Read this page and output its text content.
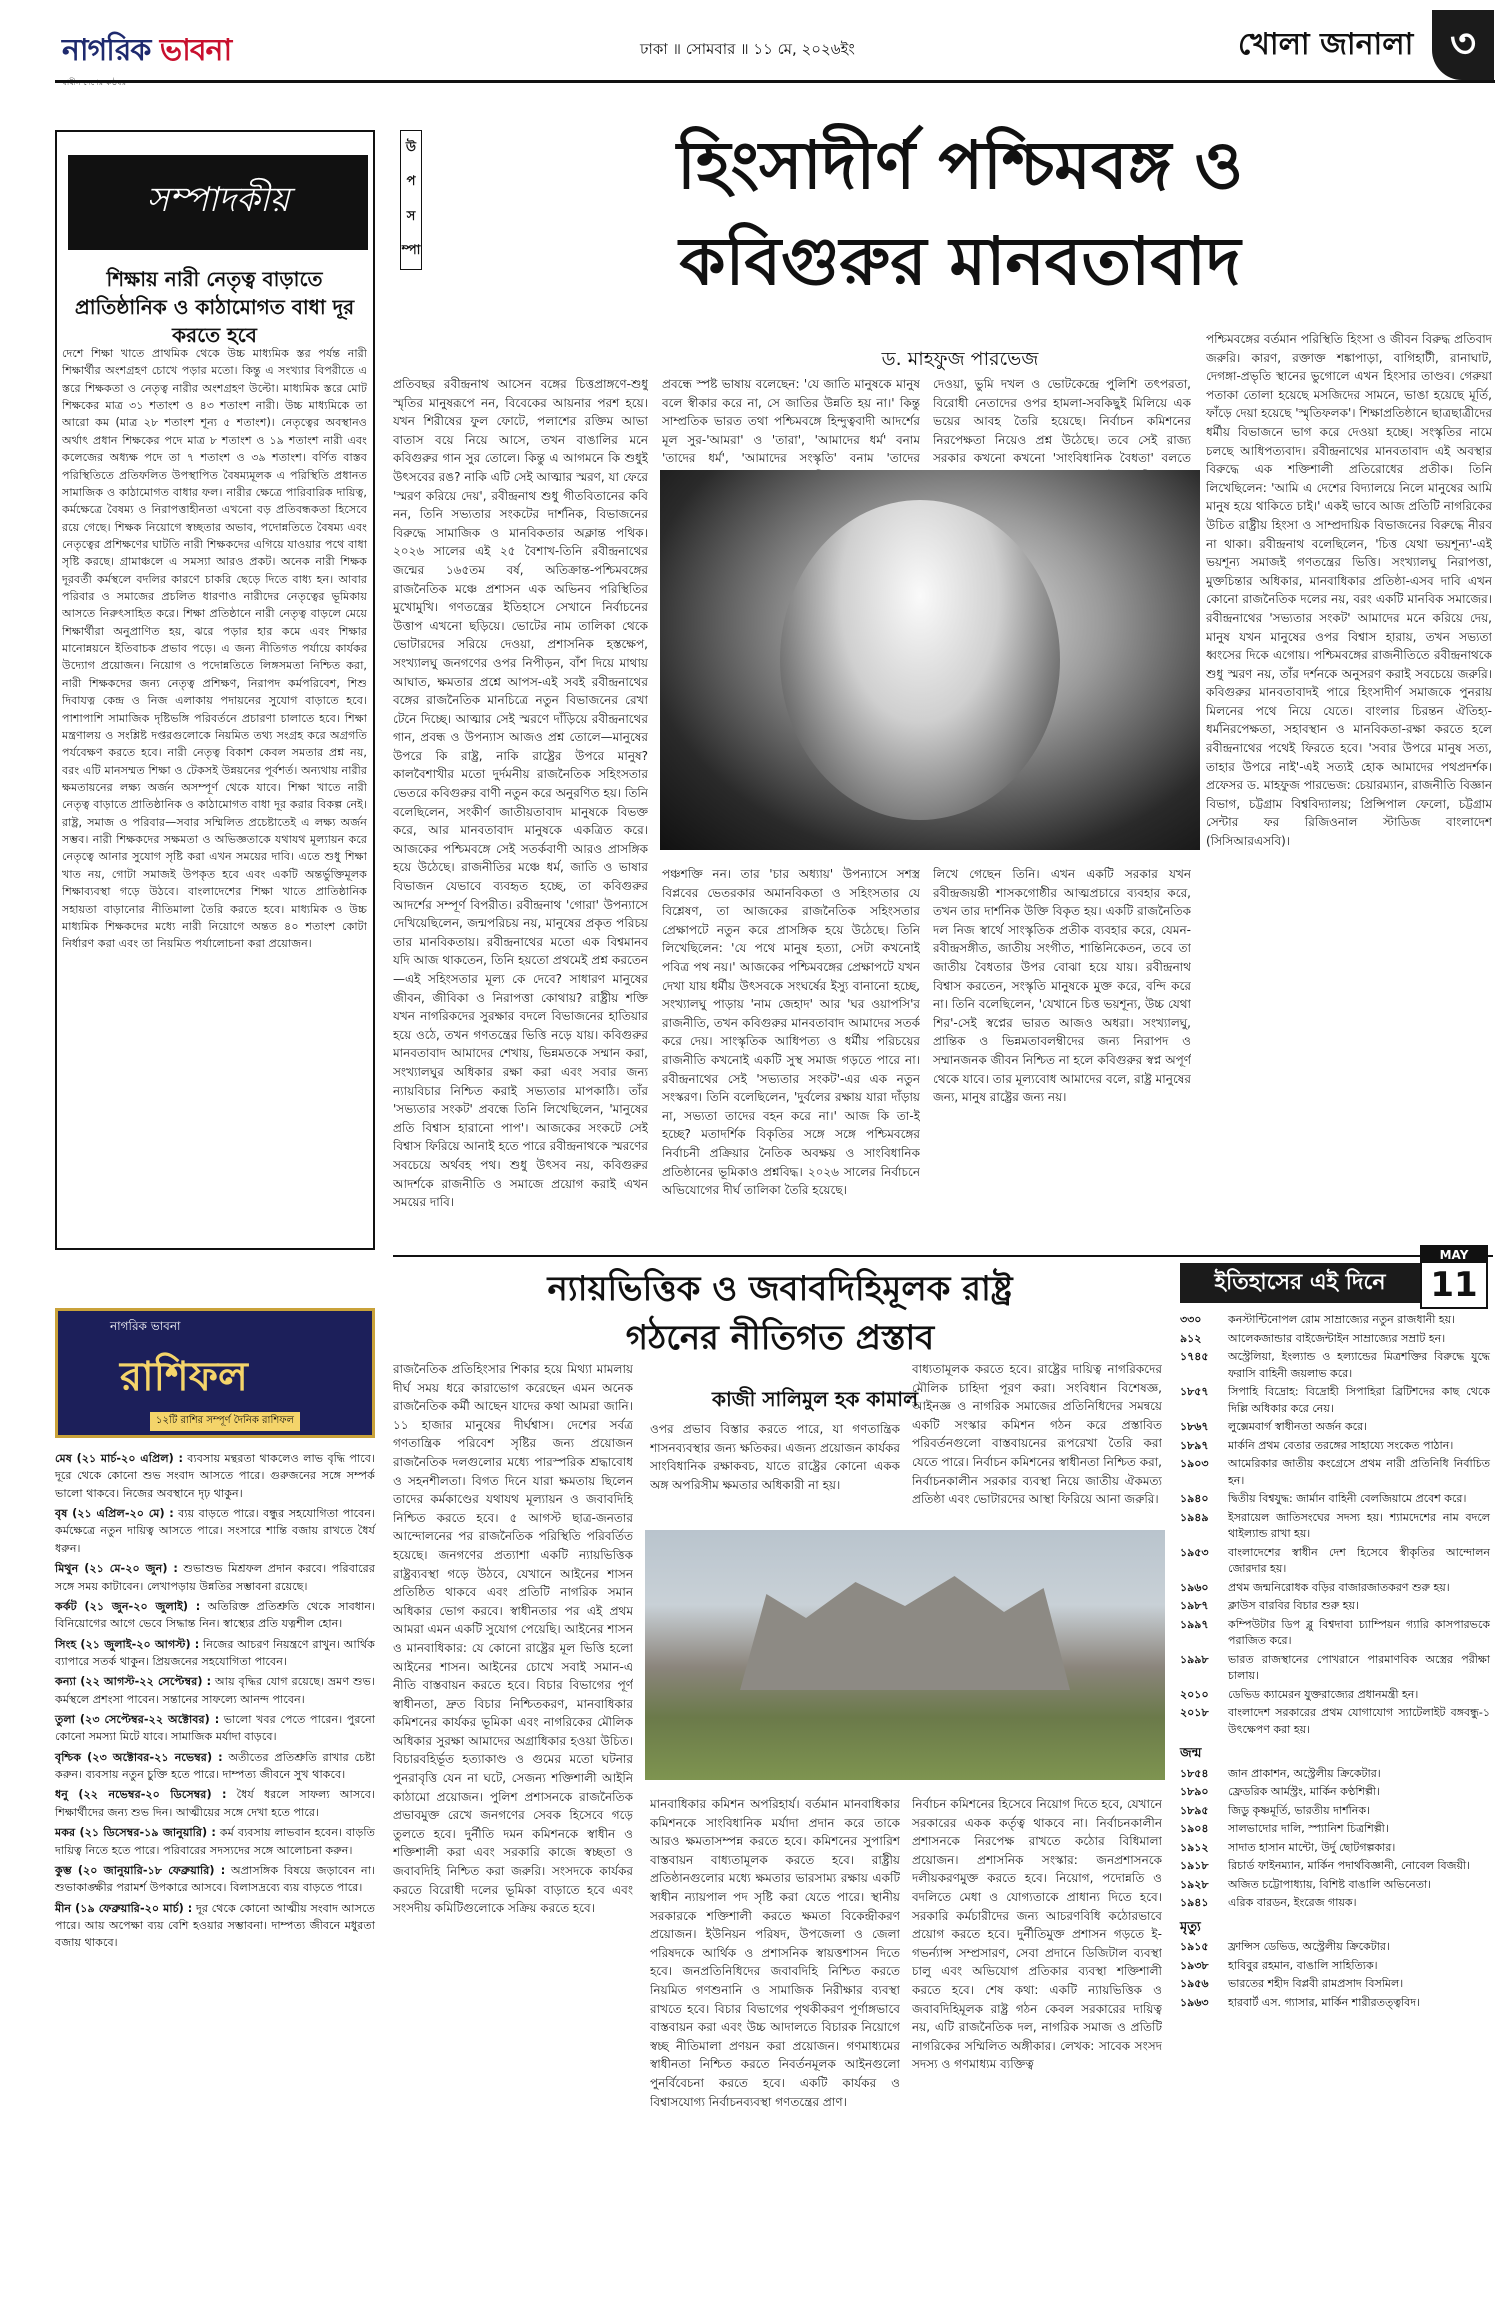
নাগরিক ভাবনা	ঢাকা ॥ সোমবার ॥ ১১ মে, ২০২৬ইং	খোলা জানালা ৩
সম্পাদকীয়
শিক্ষায় নারী নেতৃত্ব বাড়াতে প্রাতিষ্ঠানিক ও কাঠামোগত বাধা দূর করতে হবে
দেশে শিক্ষা খাতে প্রাথমিক থেকে উচ্চ মাধ্যমিক স্তর পর্যন্ত নারী শিক্ষার্থীর অংশগ্রহণ চোখে পড়ার মতো। কিন্তু এ সংখ্যার বিপরীতে এ স্তরে শিক্ষকতা ও নেতৃত্ব নারীর অংশগ্রহণ উল্টো। মাধ্যমিক স্তরে মোট শিক্ষকের মাত্র ৩১ শতাংশ ও ৪৩ শতাংশ নারী। উচ্চ মাধ্যমিকে তা আরো কম (মাত্র ২৮ শতাংশ শূন্য ৫ শতাংশ)। নেতৃত্বের অবস্থানও অর্থাৎ প্রধান শিক্ষকের পদে মাত্র ৮ শতাংশ ও ১৯ শতাংশ নারী এবং কলেজের অধ্যক্ষ পদে তা ৭ শতাংশ ও ৩৯ শতাংশ। বর্ণিত বাস্তব পরিস্থিতিতে প্রতিফলিত উপস্থাপিত বৈষম্যমূলক এ পরিস্থিতি প্রধানত সামাজিক ও কাঠামোগত বাধার ফল। নারীর ক্ষেত্রে পারিবারিক দায়িত্ব, কর্মক্ষেত্রে বৈষম্য ও নিরাপত্তাহীনতা এখনো বড় প্রতিবন্ধকতা হিসেবে রয়ে গেছে। শিক্ষক নিয়োগে স্বচ্ছতার অভাব, পদোন্নতিতে বৈষম্য এবং নেতৃত্বের প্রশিক্ষণের ঘাটতি নারী শিক্ষকদের এগিয়ে যাওয়ার পথে বাধা সৃষ্টি করছে। গ্রামাঞ্চলে এ সমস্যা আরও প্রকট। অনেক নারী শিক্ষক দূরবর্তী কর্মস্থলে বদলির কারণে চাকরি ছেড়ে দিতে বাধ্য হন। আবার পরিবার ও সমাজের প্রচলিত ধারণাও নারীদের নেতৃত্বের ভূমিকায় আসতে নিরুৎসাহিত করে। শিক্ষা প্রতিষ্ঠানে নারী নেতৃত্ব বাড়লে মেয়ে শিক্ষার্থীরা অনুপ্রাণিত হয়, ঝরে পড়ার হার কমে এবং শিক্ষার মানোন্নয়নে ইতিবাচক প্রভাব পড়ে। এ জন্য নীতিগত পর্যায়ে কার্যকর উদ্যোগ প্রয়োজন। নিয়োগ ও পদোন্নতিতে লিঙ্গসমতা নিশ্চিত করা, নারী শিক্ষকদের জন্য নেতৃত্ব প্রশিক্ষণ, নিরাপদ কর্মপরিবেশ, শিশু দিবাযত্ন কেন্দ্র ও নিজ এলাকায় পদায়নের সুযোগ বাড়াতে হবে। পাশাপাশি সামাজিক দৃষ্টিভঙ্গি পরিবর্তনে প্রচারণা চালাতে হবে। শিক্ষা মন্ত্রণালয় ও সংশ্লিষ্ট দপ্তরগুলোকে নিয়মিত তথ্য সংগ্রহ করে অগ্রগতি পর্যবেক্ষণ করতে হবে। নারী নেতৃত্ব বিকাশ কেবল সমতার প্রশ্ন নয়, বরং এটি মানসম্মত শিক্ষা ও টেকসই উন্নয়নের পূর্বশর্ত। অন্যথায় নারীর ক্ষমতায়নের লক্ষ্য অর্জন অসম্পূর্ণ থেকে যাবে। শিক্ষা খাতে নারী নেতৃত্ব বাড়াতে প্রাতিষ্ঠানিক ও কাঠামোগত বাধা দূর করার বিকল্প নেই। রাষ্ট্র, সমাজ ও পরিবার—সবার সম্মিলিত প্রচেষ্টাতেই এ লক্ষ্য অর্জন সম্ভব। নারী শিক্ষকদের সক্ষমতা ও অভিজ্ঞতাকে যথাযথ মূল্যায়ন করে নেতৃত্বে আনার সুযোগ সৃষ্টি করা এখন সময়ের দাবি। এতে শুধু শিক্ষা খাত নয়, গোটা সমাজই উপকৃত হবে এবং একটি অন্তর্ভুক্তিমূলক শিক্ষাব্যবস্থা গড়ে উঠবে। বাংলাদেশের শিক্ষা খাতে প্রাতিষ্ঠানিক সহায়তা বাড়ানোর নীতিমালা তৈরি করতে হবে। মাধ্যমিক ও উচ্চ মাধ্যমিক শিক্ষকদের মধ্যে নারী নিয়োগে অন্তত ৪০ শতাংশ কোটা নির্ধারণ করা এবং তা নিয়মিত পর্যালোচনা করা প্রয়োজন।
উ
প
স
ম্পা
হিংসাদীর্ণ পশ্চিমবঙ্গ ও
কবিগুরুর মানবতাবাদ
ড. মাহফুজ পারভেজ
প্রতিবছর রবীন্দ্রনাথ আসেন বঙ্গের চিত্তপ্রাঙ্গণে-শুধু স্মৃতির মানুষরূপে নন, বিবেকের আয়নার পরশ হয়ে। যখন শিরীষের ফুল ফোটে, পলাশের রক্তিম আভা বাতাস বয়ে নিয়ে আসে, তখন বাঙালির মনে কবিগুরুর গান সুর তোলে। কিন্তু এ আগমনে কি শুধুই উৎসবের রঙ? নাকি এটি সেই আত্মার স্মরণ, যা ফেরে 'স্মরণ করিয়ে দেয়', রবীন্দ্রনাথ শুধু গীতবিতানের কবি নন, তিনি সভ্যতার সংকটের দার্শনিক, বিভাজনের বিরুদ্ধে সামাজিক ও মানবিকতার অক্লান্ত পথিক। ২০২৬ সালের এই ২৫ বৈশাখ-তিনি রবীন্দ্রনাথের জন্মের ১৬৫তম বর্ষ, অতিক্রান্ত-পশ্চিমবঙ্গের রাজনৈতিক মঞ্চে প্রশাসন এক অভিনব পরিস্থিতির মুখোমুখি। গণতন্ত্রের ইতিহাসে সেখানে নির্বাচনের উত্তাপ এখনো ছড়িয়ে। ভোটের নাম তালিকা থেকে ভোটারদের সরিয়ে দেওয়া, প্রশাসনিক হস্তক্ষেপ, সংখ্যালঘু জনগণের ওপর নিপীড়ন, বাঁশ দিয়ে মাথায় আঘাত, ক্ষমতার প্রশ্নে আপস-এই সবই রবীন্দ্রনাথের বঙ্গের রাজনৈতিক মানচিত্রে নতুন বিভাজনের রেখা টেনে দিচ্ছে। আত্মার সেই স্মরণে দাঁড়িয়ে রবীন্দ্রনাথের গান, প্রবন্ধ ও উপন্যাস আজও প্রশ্ন তোলে—মানুষের উপরে কি রাষ্ট্র, নাকি রাষ্ট্রের উপরে মানুষ? কালবৈশাখীর মতো দুর্দমনীয় রাজনৈতিক সহিংসতার ভেতরে কবিগুরুর বাণী নতুন করে অনুরণিত হয়। তিনি বলেছিলেন, সংকীর্ণ জাতীয়তাবাদ মানুষকে বিভক্ত করে, আর মানবতাবাদ মানুষকে একত্রিত করে। আজকের পশ্চিমবঙ্গে সেই সতর্কবাণী আরও প্রাসঙ্গিক হয়ে উঠেছে। রাজনীতির মঞ্চে ধর্ম, জাতি ও ভাষার বিভাজন যেভাবে ব্যবহৃত হচ্ছে, তা কবিগুরুর আদর্শের সম্পূর্ণ বিপরীত। রবীন্দ্রনাথ 'গোরা' উপন্যাসে দেখিয়েছিলেন, জন্মপরিচয় নয়, মানুষের প্রকৃত পরিচয় তার মানবিকতায়। রবীন্দ্রনাথের মতো এক বিশ্বমানব যদি আজ থাকতেন, তিনি হয়তো প্রথমেই প্রশ্ন করতেন—এই সহিংসতার মূল্য কে দেবে? সাধারণ মানুষের জীবন, জীবিকা ও নিরাপত্তা কোথায়? রাষ্ট্রীয় শক্তি যখন নাগরিকদের সুরক্ষার বদলে বিভাজনের হাতিয়ার হয়ে ওঠে, তখন গণতন্ত্রের ভিত্তি নড়ে যায়। কবিগুরুর মানবতাবাদ আমাদের শেখায়, ভিন্নমতকে সম্মান করা, সংখ্যালঘুর অধিকার রক্ষা করা এবং সবার জন্য ন্যায়বিচার নিশ্চিত করাই সভ্যতার মাপকাঠি। তাঁর 'সভ্যতার সংকট' প্রবন্ধে তিনি লিখেছিলেন, 'মানুষের প্রতি বিশ্বাস হারানো পাপ'। আজকের সংকটে সেই বিশ্বাস ফিরিয়ে আনাই হতে পারে রবীন্দ্রনাথকে স্মরণের সবচেয়ে অর্থবহ পথ। শুধু উৎসব নয়, কবিগুরুর আদর্শকে রাজনীতি ও সমাজে প্রয়োগ করাই এখন সময়ের দাবি।
প্রবন্ধে স্পষ্ট ভাষায় বলেছেন: 'যে জাতি মানুষকে মানুষ বলে স্বীকার করে না, সে জাতির উন্নতি হয় না।' কিন্তু সাম্প্রতিক ভারত তথা পশ্চিমবঙ্গে হিন্দুত্ববাদী আদর্শের মূল সুর-'আমরা' ও 'তারা', 'আমাদের ধর্ম' বনাম 'তাদের ধর্ম', 'আমাদের সংস্কৃতি' বনাম 'তাদের
দেওয়া, ভুমি দখল ও ভোটকেন্দ্রে পুলিশি তৎপরতা, বিরোধী নেতাদের ওপর হামলা-সবকিছুই মিলিয়ে এক ভয়ের আবহ তৈরি হয়েছে। নির্বাচন কমিশনের নিরপেক্ষতা নিয়েও প্রশ্ন উঠেছে। তবে সেই রাজ্য সরকার কখনো কখনো 'সাংবিধানিক বৈধতা' বলতে
পঞ্চশক্তি নন। তার 'চার অধ্যায়' উপন্যাসে সশস্ত্র বিপ্লবের ভেতরকার অমানবিকতা ও সহিংসতার যে বিশ্লেষণ, তা আজকের রাজনৈতিক সহিংসতার প্রেক্ষাপটে নতুন করে প্রাসঙ্গিক হয়ে উঠেছে। তিনি লিখেছিলেন: 'যে পথে মানুষ হত্যা, সেটা কখনোই পবিত্র পথ নয়।' আজকের পশ্চিমবঙ্গের প্রেক্ষাপটে যখন দেখা যায় ধর্মীয় উৎসবকে সংঘর্ষের ইস্যু বানানো হচ্ছে, সংখ্যালঘু পাড়ায় 'নাম জেহাদ' আর 'ঘর ওয়াপসি'র রাজনীতি, তখন কবিগুরুর মানবতাবাদ আমাদের সতর্ক করে দেয়। সাংস্কৃতিক আধিপত্য ও ধর্মীয় পরিচয়ের রাজনীতি কখনোই একটি সুস্থ সমাজ গড়তে পারে না। রবীন্দ্রনাথের সেই 'সভ্যতার সংকট'-এর এক নতুন সংস্করণ। তিনি বলেছিলেন, 'দুর্বলের রক্ষায় যারা দাঁড়ায় না, সভ্যতা তাদের বহন করে না।' আজ কি তা-ই হচ্ছে? মতাদর্শিক বিকৃতির সঙ্গে সঙ্গে পশ্চিমবঙ্গের নির্বাচনী প্রক্রিয়ার নৈতিক অবক্ষয় ও সাংবিধানিক প্রতিষ্ঠানের ভূমিকাও প্রশ্নবিদ্ধ। ২০২৬ সালের নির্বাচনে অভিযোগের দীর্ঘ তালিকা তৈরি হয়েছে।
লিখে গেছেন তিনি। এখন একটি সরকার যখন রবীন্দ্রজয়ন্তী শাসকগোষ্ঠীর আত্মপ্রচারে ব্যবহার করে, তখন তার দার্শনিক উক্তি বিকৃত হয়। একটি রাজনৈতিক দল নিজ স্বার্থে সাংস্কৃতিক প্রতীক ব্যবহার করে, যেমন-রবীন্দ্রসঙ্গীত, জাতীয় সংগীত, শান্তিনিকেতন, তবে তা জাতীয় বৈধতার উপর বোঝা হয়ে যায়। রবীন্দ্রনাথ বিশ্বাস করতেন, সংস্কৃতি মানুষকে মুক্ত করে, বন্দি করে না। তিনি বলেছিলেন, 'যেখানে চিত্ত ভয়শূন্য, উচ্চ যেথা শির'-সেই স্বপ্নের ভারত আজও অধরা। সংখ্যালঘু, প্রান্তিক ও ভিন্নমতাবলম্বীদের জন্য নিরাপদ ও সম্মানজনক জীবন নিশ্চিত না হলে কবিগুরুর স্বপ্ন অপূর্ণ থেকে যাবে। তার মূল্যবোধ আমাদের বলে, রাষ্ট্র মানুষের জন্য, মানুষ রাষ্ট্রের জন্য নয়।
পশ্চিমবঙ্গের বর্তমান পরিস্থিতি হিংসা ও জীবন বিরুদ্ধ প্রতিবাদ জরুরি। কারণ, রক্তাক্ত শঙ্কাপাড়া, বাগিহাটী, রানাঘাট, দেগঙ্গা-প্রভৃতি স্থানের ভুগোলে এখন হিংসার তাণ্ডব। গেরুয়া পতাকা তোলা হয়েছে মসজিদের সামনে, ভাঙা হয়েছে মূর্তি, ফাঁড়ে দেয়া হয়েছে 'স্মৃতিফলক'। শিক্ষাপ্রতিষ্ঠানে ছাত্রছাত্রীদের ধর্মীয় বিভাজনে ভাগ করে দেওয়া হচ্ছে। সংস্কৃতির নামে চলছে আধিপত্যবাদ। রবীন্দ্রনাথের মানবতাবাদ এই অবস্থার বিরুদ্ধে এক শক্তিশালী প্রতিরোধের প্রতীক। তিনি লিখেছিলেন: 'আমি এ দেশের বিদ্যালয়ে নিলে মানুষের আমি মানুষ হয়ে থাকিতে চাই।' একই ভাবে আজ প্রতিটি নাগরিকের উচিত রাষ্ট্রীয় হিংসা ও সাম্প্রদায়িক বিভাজনের বিরুদ্ধে নীরব না থাকা। রবীন্দ্রনাথ বলেছিলেন, 'চিত্ত যেথা ভয়শূন্য'-এই ভয়শূন্য সমাজই গণতন্ত্রের ভিত্তি। সংখ্যালঘু নিরাপত্তা, মুক্তচিন্তার অধিকার, মানবাধিকার প্রতিষ্ঠা-এসব দাবি এখন কোনো রাজনৈতিক দলের নয়, বরং একটি মানবিক সমাজের। রবীন্দ্রনাথের 'সভ্যতার সংকট' আমাদের মনে করিয়ে দেয়, মানুষ যখন মানুষের ওপর বিশ্বাস হারায়, তখন সভ্যতা ধ্বংসের দিকে এগোয়। পশ্চিমবঙ্গের রাজনীতিতে রবীন্দ্রনাথকে শুধু স্মরণ নয়, তাঁর দর্শনকে অনুসরণ করাই সবচেয়ে জরুরি। কবিগুরুর মানবতাবাদই পারে হিংসাদীর্ণ সমাজকে পুনরায় মিলনের পথে নিয়ে যেতে। বাংলার চিরন্তন ঐতিহ্য-ধর্মনিরপেক্ষতা, সহাবস্থান ও মানবিকতা-রক্ষা করতে হলে রবীন্দ্রনাথের পথেই ফিরতে হবে। 'সবার উপরে মানুষ সত্য, তাহার উপরে নাই'-এই সত্যই হোক আমাদের পথপ্রদর্শক। প্রফেসর ড. মাহফুজ পারভেজ: চেয়ারম্যান, রাজনীতি বিজ্ঞান বিভাগ, চট্টগ্রাম বিশ্ববিদ্যালয়; প্রিন্সিপাল ফেলো, চট্টগ্রাম সেন্টার ফর রিজিওনাল স্টাডিজ বাংলাদেশ (সিসিআরএসবি)।
ন্যায়ভিত্তিক ও জবাবদিহিমূলক রাষ্ট্র
গঠনের নীতিগত প্রস্তাব
কাজী সালিমুল হক কামাল
রাজনৈতিক প্রতিহিংসার শিকার হয়ে মিথ্যা মামলায় দীর্ঘ সময় ধরে কারাভোগ করেছেন এমন অনেক রাজনৈতিক কর্মী আছেন যাদের কথা আমরা জানি। ১১ হাজার মানুষের দীর্ঘশ্বাস। দেশের সর্বত্র গণতান্ত্রিক পরিবেশ সৃষ্টির জন্য প্রয়োজন রাজনৈতিক দলগুলোর মধ্যে পারস্পরিক শ্রদ্ধাবোধ ও সহনশীলতা। বিগত দিনে যারা ক্ষমতায় ছিলেন তাদের কর্মকাণ্ডের যথাযথ মূল্যায়ন ও জবাবদিহি নিশ্চিত করতে হবে। ৫ আগস্ট ছাত্র-জনতার আন্দোলনের পর রাজনৈতিক পরিস্থিতি পরিবর্তিত হয়েছে। জনগণের প্রত্যাশা একটি ন্যায়ভিত্তিক রাষ্ট্রব্যবস্থা গড়ে উঠবে, যেখানে আইনের শাসন প্রতিষ্ঠিত থাকবে এবং প্রতিটি নাগরিক সমান অধিকার ভোগ করবে। স্বাধীনতার পর এই প্রথম আমরা এমন একটি সুযোগ পেয়েছি। আইনের শাসন ও মানবাধিকার: যে কোনো রাষ্ট্রের মূল ভিত্তি হলো আইনের শাসন। আইনের চোখে সবাই সমান-এ নীতি বাস্তবায়ন করতে হবে। বিচার বিভাগের পূর্ণ স্বাধীনতা, দ্রুত বিচার নিশ্চিতকরণ, মানবাধিকার কমিশনের কার্যকর ভূমিকা এবং নাগরিকের মৌলিক অধিকার সুরক্ষা আমাদের অগ্রাধিকার হওয়া উচিত। বিচারবহির্ভূত হত্যাকাণ্ড ও গুমের মতো ঘটনার পুনরাবৃত্তি যেন না ঘটে, সেজন্য শক্তিশালী আইনি কাঠামো প্রয়োজন। পুলিশ প্রশাসনকে রাজনৈতিক প্রভাবমুক্ত রেখে জনগণের সেবক হিসেবে গড়ে তুলতে হবে। দুর্নীতি দমন কমিশনকে স্বাধীন ও শক্তিশালী করা এবং সরকারি কাজে স্বচ্ছতা ও জবাবদিহি নিশ্চিত করা জরুরি। সংসদকে কার্যকর করতে বিরোধী দলের ভূমিকা বাড়াতে হবে এবং সংসদীয় কমিটিগুলোকে সক্রিয় করতে হবে।
ওপর প্রভাব বিস্তার করতে পারে, যা গণতান্ত্রিক শাসনব্যবস্থার জন্য ক্ষতিকর। এজন্য প্রয়োজন কার্যকর সাংবিধানিক রক্ষাকবচ, যাতে রাষ্ট্রের কোনো একক অঙ্গ অপরিসীম ক্ষমতার অধিকারী না হয়।
বাধ্যতামূলক করতে হবে। রাষ্ট্রের দায়িত্ব নাগরিকদের মৌলিক চাহিদা পূরণ করা। সংবিধান বিশেষজ্ঞ, আইনজ্ঞ ও নাগরিক সমাজের প্রতিনিধিদের সমন্বয়ে একটি সংস্কার কমিশন গঠন করে প্রস্তাবিত পরিবর্তনগুলো বাস্তবায়নের রূপরেখা তৈরি করা যেতে পারে। নির্বাচন কমিশনের স্বাধীনতা নিশ্চিত করা, নির্বাচনকালীন সরকার ব্যবস্থা নিয়ে জাতীয় ঐকমত্য প্রতিষ্ঠা এবং ভোটারদের আস্থা ফিরিয়ে আনা জরুরি।
মানবাধিকার কমিশন অপরিহার্য। বর্তমান মানবাধিকার কমিশনকে সাংবিধানিক মর্যাদা প্রদান করে তাকে আরও ক্ষমতাসম্পন্ন করতে হবে। কমিশনের সুপারিশ বাস্তবায়ন বাধ্যতামূলক করতে হবে। রাষ্ট্রীয় প্রতিষ্ঠানগুলোর মধ্যে ক্ষমতার ভারসাম্য রক্ষায় একটি স্বাধীন ন্যায়পাল পদ সৃষ্টি করা যেতে পারে। স্থানীয় সরকারকে শক্তিশালী করতে ক্ষমতা বিকেন্দ্রীকরণ প্রয়োজন। ইউনিয়ন পরিষদ, উপজেলা ও জেলা পরিষদকে আর্থিক ও প্রশাসনিক স্বায়ত্তশাসন দিতে হবে। জনপ্রতিনিধিদের জবাবদিহি নিশ্চিত করতে নিয়মিত গণশুনানি ও সামাজিক নিরীক্ষার ব্যবস্থা রাখতে হবে। বিচার বিভাগের পৃথকীকরণ পূর্ণাঙ্গভাবে বাস্তবায়ন করা এবং উচ্চ আদালতে বিচারক নিয়োগে স্বচ্ছ নীতিমালা প্রণয়ন করা প্রয়োজন। গণমাধ্যমের স্বাধীনতা নিশ্চিত করতে নিবর্তনমূলক আইনগুলো পুনর্বিবেচনা করতে হবে। একটি কার্যকর ও বিশ্বাসযোগ্য নির্বাচনব্যবস্থা গণতন্ত্রের প্রাণ।
নির্বাচন কমিশনের হিসেবে নিয়োগ দিতে হবে, যেখানে সরকারের একক কর্তৃত্ব থাকবে না। নির্বাচনকালীন প্রশাসনকে নিরপেক্ষ রাখতে কঠোর বিধিমালা প্রয়োজন। প্রশাসনিক সংস্কার: জনপ্রশাসনকে দলীয়করণমুক্ত করতে হবে। নিয়োগ, পদোন্নতি ও বদলিতে মেধা ও যোগ্যতাকে প্রাধান্য দিতে হবে। সরকারি কর্মচারীদের জন্য আচরণবিধি কঠোরভাবে প্রয়োগ করতে হবে। দুর্নীতিমুক্ত প্রশাসন গড়তে ই-গভর্ন্যান্স সম্প্রসারণ, সেবা প্রদানে ডিজিটাল ব্যবস্থা চালু এবং অভিযোগ প্রতিকার ব্যবস্থা শক্তিশালী করতে হবে। শেষ কথা: একটি ন্যায়ভিত্তিক ও জবাবদিহিমূলক রাষ্ট্র গঠন কেবল সরকারের দায়িত্ব নয়, এটি রাজনৈতিক দল, নাগরিক সমাজ ও প্রতিটি নাগরিকের সম্মিলিত অঙ্গীকার। লেখক: সাবেক সংসদ সদস্য ও গণমাধ্যম ব্যক্তিত্ব
নাগরিক ভাবনা
রাশিফল
১২টি রাশির সম্পূর্ণ দৈনিক রাশিফল
মেষ (২১ মার্চ-২০ এপ্রিল) : ব্যবসায় মন্থরতা থাকলেও লাভ বৃদ্ধি পাবে। দূরে থেকে কোনো শুভ সংবাদ আসতে পারে। গুরুজনের সঙ্গে সম্পর্ক ভালো থাকবে। নিজের অবস্থানে দৃঢ় থাকুন।
বৃষ (২১ এপ্রিল-২০ মে) : ব্যয় বাড়তে পারে। বন্ধুর সহযোগিতা পাবেন। কর্মক্ষেত্রে নতুন দায়িত্ব আসতে পারে। সংসারে শান্তি বজায় রাখতে ধৈর্য ধরুন।
মিথুন (২১ মে-২০ জুন) : শুভাশুভ মিশ্রফল প্রদান করবে। পরিবারের সঙ্গে সময় কাটাবেন। লেখাপড়ায় উন্নতির সম্ভাবনা রয়েছে।
কর্কট (২১ জুন-২০ জুলাই) : অতিরিক্ত প্রতিশ্রুতি থেকে সাবধান। বিনিয়োগের আগে ভেবে সিদ্ধান্ত নিন। স্বাস্থ্যের প্রতি যত্নশীল হোন।
সিংহ (২১ জুলাই-২০ আগস্ট) : নিজের আচরণ নিয়ন্ত্রণে রাখুন। আর্থিক ব্যাপারে সতর্ক থাকুন। প্রিয়জনের সহযোগিতা পাবেন।
কন্যা (২২ আগস্ট-২২ সেপ্টেম্বর) : আয় বৃদ্ধির যোগ রয়েছে। ভ্রমণ শুভ। কর্মস্থলে প্রশংসা পাবেন। সন্তানের সাফল্যে আনন্দ পাবেন।
তুলা (২৩ সেপ্টেম্বর-২২ অক্টোবর) : ভালো খবর পেতে পারেন। পুরনো কোনো সমস্যা মিটে যাবে। সামাজিক মর্যাদা বাড়বে।
বৃশ্চিক (২৩ অক্টোবর-২১ নভেম্বর) : অতীতের প্রতিশ্রুতি রাখার চেষ্টা করুন। ব্যবসায় নতুন চুক্তি হতে পারে। দাম্পত্য জীবনে সুখ থাকবে।
ধনু (২২ নভেম্বর-২০ ডিসেম্বর) : ধৈর্য ধরলে সাফল্য আসবে। শিক্ষার্থীদের জন্য শুভ দিন। আত্মীয়ের সঙ্গে দেখা হতে পারে।
মকর (২১ ডিসেম্বর-১৯ জানুয়ারি) : কর্ম ব্যবসায় লাভবান হবেন। বাড়তি দায়িত্ব নিতে হতে পারে। পরিবারের সদস্যদের সঙ্গে আলোচনা করুন।
কুম্ভ (২০ জানুয়ারি-১৮ ফেব্রুয়ারি) : অপ্রাসঙ্গিক বিষয়ে জড়াবেন না। শুভাকাঙ্ক্ষীর পরামর্শ উপকারে আসবে। বিলাসদ্রব্যে ব্যয় বাড়তে পারে।
মীন (১৯ ফেব্রুয়ারি-২০ মার্চ) : দূর থেকে কোনো আত্মীয় সংবাদ আসতে পারে। আয় অপেক্ষা ব্যয় বেশি হওয়ার সম্ভাবনা। দাম্পত্য জীবনে মধুরতা বজায় থাকবে।
ইতিহাসের এই দিনে
MAY
11
৩৩০	কনস্টান্টিনোপল রোম সাম্রাজ্যের নতুন রাজধানী হয়।
৯১২	আলেকজান্ডার বাইজেন্টাইন সাম্রাজ্যের সম্রাট হন।
১৭৪৫	অস্ট্রেলিয়া, ইংল্যান্ড ও হল্যান্ডের মিত্রশক্তির বিরুদ্ধে যুদ্ধে ফরাসি বাহিনী জয়লাভ করে।
১৮৫৭	সিপাহি বিদ্রোহ: বিদ্রোহী সিপাহিরা ব্রিটিশদের কাছ থেকে দিল্লি অধিকার করে নেয়।
১৮৬৭	লুক্সেমবার্গ স্বাধীনতা অর্জন করে।
১৮৯৭	মার্কনি প্রথম বেতার তরঙ্গের সাহায্যে সংকেত পাঠান।
১৯০৩	আমেরিকার জাতীয় কংগ্রেসে প্রথম নারী প্রতিনিধি নির্বাচিত হন।
১৯৪০	দ্বিতীয় বিশ্বযুদ্ধ: জার্মান বাহিনী বেলজিয়ামে প্রবেশ করে।
১৯৪৯	ইসরায়েল জাতিসংঘের সদস্য হয়। শ্যামদেশের নাম বদলে থাইল্যান্ড রাখা হয়।
১৯৫৩	বাংলাদেশের স্বাধীন দেশ হিসেবে স্বীকৃতির আন্দোলন জোরদার হয়।
১৯৬০	প্রথম জন্মনিরোধক বড়ির বাজারজাতকরণ শুরু হয়।
১৯৮৭	ক্লাউস বারবির বিচার শুরু হয়।
১৯৯৭	কম্পিউটার ডিপ ব্লু বিশ্বদাবা চ্যাম্পিয়ন গ্যারি কাসপারভকে পরাজিত করে।
১৯৯৮	ভারত রাজস্থানের পোখরানে পারমাণবিক অস্ত্রের পরীক্ষা চালায়।
২০১০	ডেভিড ক্যামেরন যুক্তরাজ্যের প্রধানমন্ত্রী হন।
২০১৮	বাংলাদেশ সরকারের প্রথম যোগাযোগ স্যাটেলাইট বঙ্গবন্ধু-১ উৎক্ষেপণ করা হয়।
জন্ম
১৮৫৪	জান প্রাকাশন, অস্ট্রেলীয় ক্রিকেটার।
১৮৯০	ফ্রেডরিক আর্মস্ট্রং, মার্কিন কণ্ঠশিল্পী।
১৮৯৫	জিডু কৃষ্ণমূর্তি, ভারতীয় দার্শনিক।
১৯০৪	সালভাদোর দালি, স্প্যানিশ চিত্রশিল্পী।
১৯১২	সাদাত হাসান মান্টো, উর্দু ছোটগল্পকার।
১৯১৮	রিচার্ড ফাইনম্যান, মার্কিন পদার্থবিজ্ঞানী, নোবেল বিজয়ী।
১৯২৮	অজিত চট্টোপাধ্যায়, বিশিষ্ট বাঙালি অভিনেতা।
১৯৪১	এরিক বারডন, ইংরেজ গায়ক।
মৃত্যু
১৯১৫	ফ্রান্সিস ডেভিড, অস্ট্রেলীয় ক্রিকেটার।
১৯৩৮	হাবিবুর রহমান, বাঙালি সাহিত্যিক।
১৯৫৬	ভারতের শহীদ বিপ্লবী রামপ্রসাদ বিসমিল।
১৯৬৩	হারবার্ট এস. গ্যাসার, মার্কিন শারীরতত্ত্ববিদ।
